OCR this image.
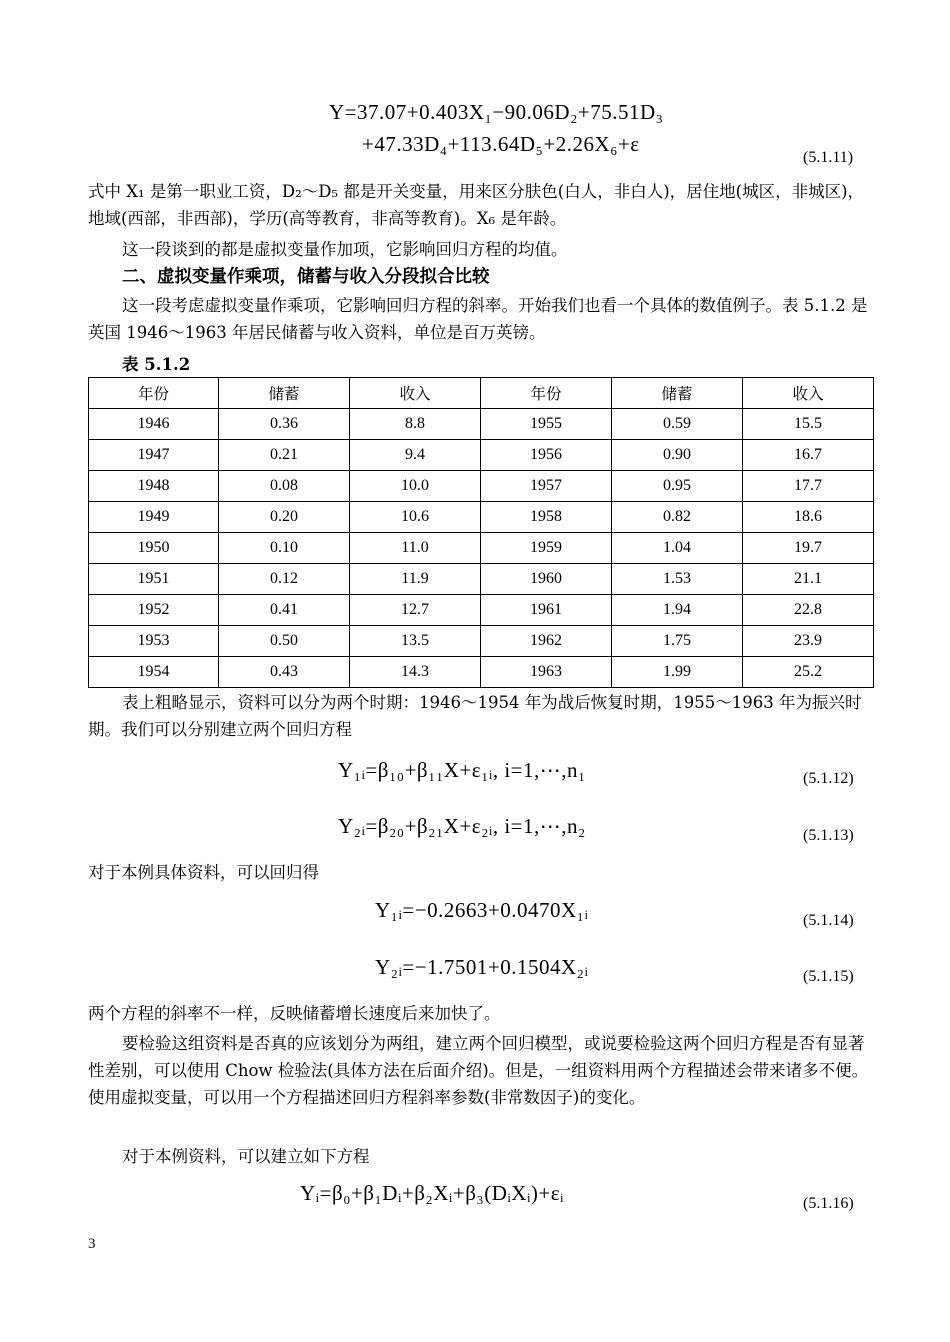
Y=37.07+0.403X₁−90.06D₂+75.51D₃
+47.33D₄+113.64D₅+2.26X₆+ε
(5.1.11)
式中 X₁ 是第一职业工资，D₂～D₅ 都是开关变量，用来区分肤色(白人，非白人)，居住地(城区，非城区)，地域(西部，非西部)，学历(高等教育，非高等教育)。X₆ 是年龄。
这一段谈到的都是虚拟变量作加项，它影响回归方程的均值。
二、虚拟变量作乘项，储蓄与收入分段拟合比较
这一段考虑虚拟变量作乘项，它影响回归方程的斜率。开始我们也看一个具体的数值例子。表 5.1.2 是英国 1946～1963 年居民储蓄与收入资料，单位是百万英镑。
表 5.1.2
年份	储蓄	收入	年份	储蓄	收入
1946	0.36	8.8	1955	0.59	15.5
1947	0.21	9.4	1956	0.90	16.7
1948	0.08	10.0	1957	0.95	17.7
1949	0.20	10.6	1958	0.82	18.6
1950	0.10	11.0	1959	1.04	19.7
1951	0.12	11.9	1960	1.53	21.1
1952	0.41	12.7	1961	1.94	22.8
1953	0.50	13.5	1962	1.75	23.9
1954	0.43	14.3	1963	1.99	25.2
表上粗略显示，资料可以分为两个时期：1946～1954 年为战后恢复时期，1955～1963 年为振兴时期。我们可以分别建立两个回归方程
Y₁ᵢ=β₁₀+β₁₁X+ε₁ᵢ, i=1,⋯,n₁	(5.1.12)
Y₂ᵢ=β₂₀+β₂₁X+ε₂ᵢ, i=1,⋯,n₂	(5.1.13)
对于本例具体资料，可以回归得
Y₁ᵢ=−0.2663+0.0470X₁ᵢ	(5.1.14)
Y₂ᵢ=−1.7501+0.1504X₂ᵢ	(5.1.15)
两个方程的斜率不一样，反映储蓄增长速度后来加快了。
要检验这组资料是否真的应该划分为两组，建立两个回归模型，或说要检验这两个回归方程是否有显著性差别，可以使用 Chow 检验法(具体方法在后面介绍)。但是，一组资料用两个方程描述会带来诸多不便。使用虚拟变量，可以用一个方程描述回归方程斜率参数(非常数因子)的变化。
对于本例资料，可以建立如下方程
Yᵢ=β₀+β₁Dᵢ+β₂Xᵢ+β₃(DᵢXᵢ)+εᵢ	(5.1.16)
3
